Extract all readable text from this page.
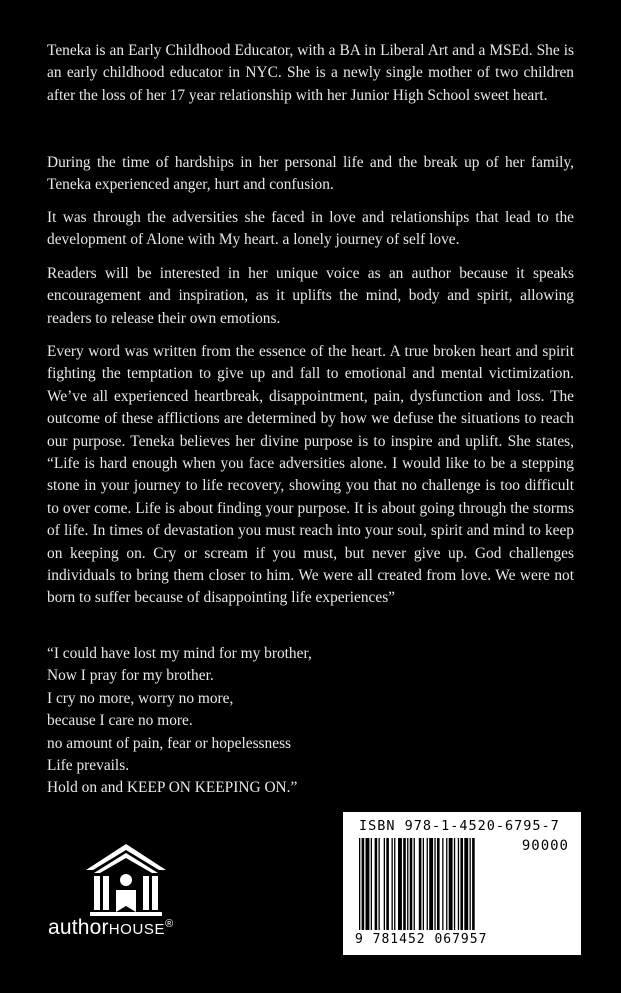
Teneka is an Early Childhood Educator, with a BA in Liberal Art and a MSEd. She is an early childhood educator in NYC. She is a newly single mother of two children after the loss of her 17 year relationship with her Junior High School sweet heart.

During the time of hardships in her personal life and the break up of her family, Teneka experienced anger, hurt and confusion.

It was through the adversities she faced in love and relationships that lead to the development of Alone with My heart. a lonely journey of self love.

Readers will be interested in her unique voice as an author because it speaks encouragement and inspiration, as it uplifts the mind, body and spirit, allowing readers to release their own emotions.

Every word was written from the essence of the heart. A true broken heart and spirit fighting the temptation to give up and fall to emotional and mental victimization. We’ve all experienced heartbreak, disappointment, pain, dysfunction and loss. The outcome of these afflictions are determined by how we defuse the situations to reach our purpose. Teneka believes her divine purpose is to inspire and uplift. She states, “Life is hard enough when you face adversities alone. I would like to be a stepping stone in your journey to life recovery, showing you that no challenge is too difficult to over come. Life is about finding your purpose. It is about going through the storms of life. In times of devastation you must reach into your soul, spirit and mind to keep on keeping on. Cry or scream if you must, but never give up. God challenges individuals to bring them closer to him. We were all created from love. We were not born to suffer because of disappointing life experiences”

“I could have lost my mind for my brother,
Now I pray for my brother.
I cry no more, worry no more,
because I care no more.
no amount of pain, fear or hopelessness
Life prevails.
Hold on and KEEP ON KEEPING ON.”
authorHOUSE®
ISBN 978-1-4520-6795-7
90000
9 781452 067957
